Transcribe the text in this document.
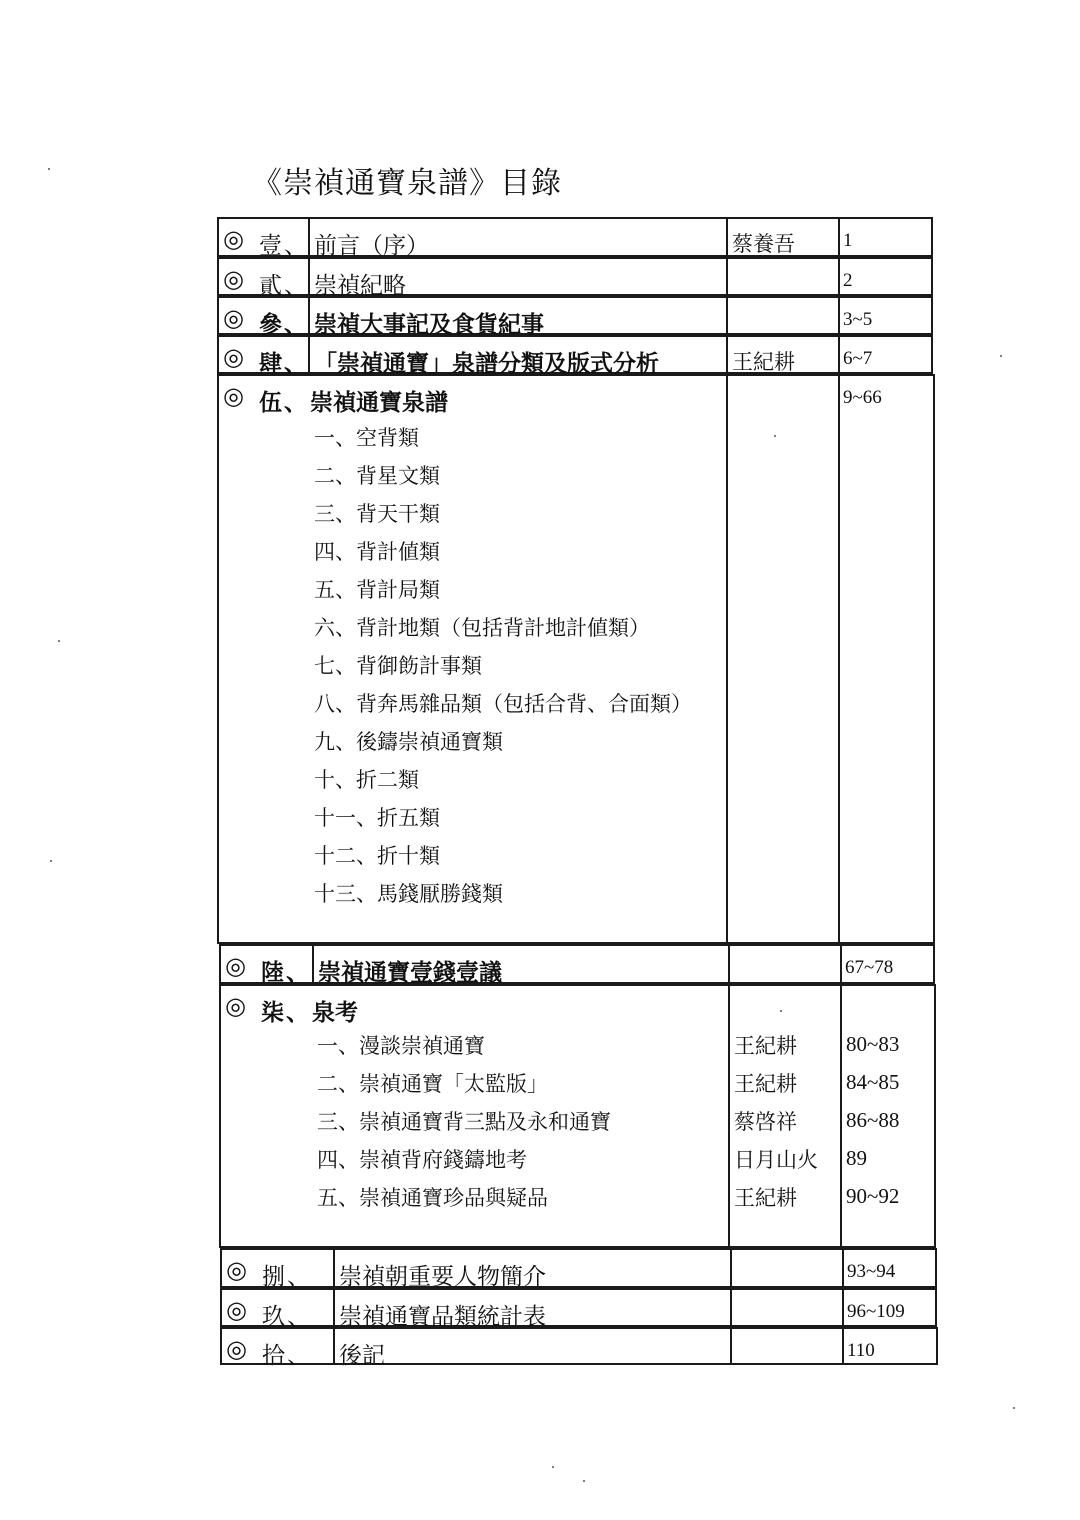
《崇禎通寶泉譜》目錄
◎ 壹、 前言（序）	蔡養吾	1
◎ 貳、 崇禎紀略	2
◎ 參、 崇禎大事記及食貨紀事	3~5
◎ 肆、 「崇禎通寶」泉譜分類及版式分析	王紀耕	6~7
◎ 伍、 崇禎通寶泉譜	9~66
一、空背類
二、背星文類
三、背天干類
四、背計値類
五、背計局類
六、背計地類（包括背計地計値類）
七、背御飭計事類
八、背奔馬雜品類（包括合背、合面類）
九、後鑄崇禎通寶類
十、折二類
十一、折五類
十二、折十類
十三、馬錢厭勝錢類
◎ 陸、 崇禎通寶壹錢壹議	67~78
◎ 柒、 泉考
一、漫談崇禎通寶	王紀耕 80~83
二、崇禎通寶「太監版」	王紀耕 84~85
三、崇禎通寶背三點及永和通寶	蔡啓祥 86~88
四、崇禎背府錢鑄地考	日月山火 89
五、崇禎通寶珍品與疑品	王紀耕 90~92
◎ 捌、 崇禎朝重要人物簡介	93~94
◎ 玖、 崇禎通寶品類統計表	96~109
◎ 拾、 後記	110
